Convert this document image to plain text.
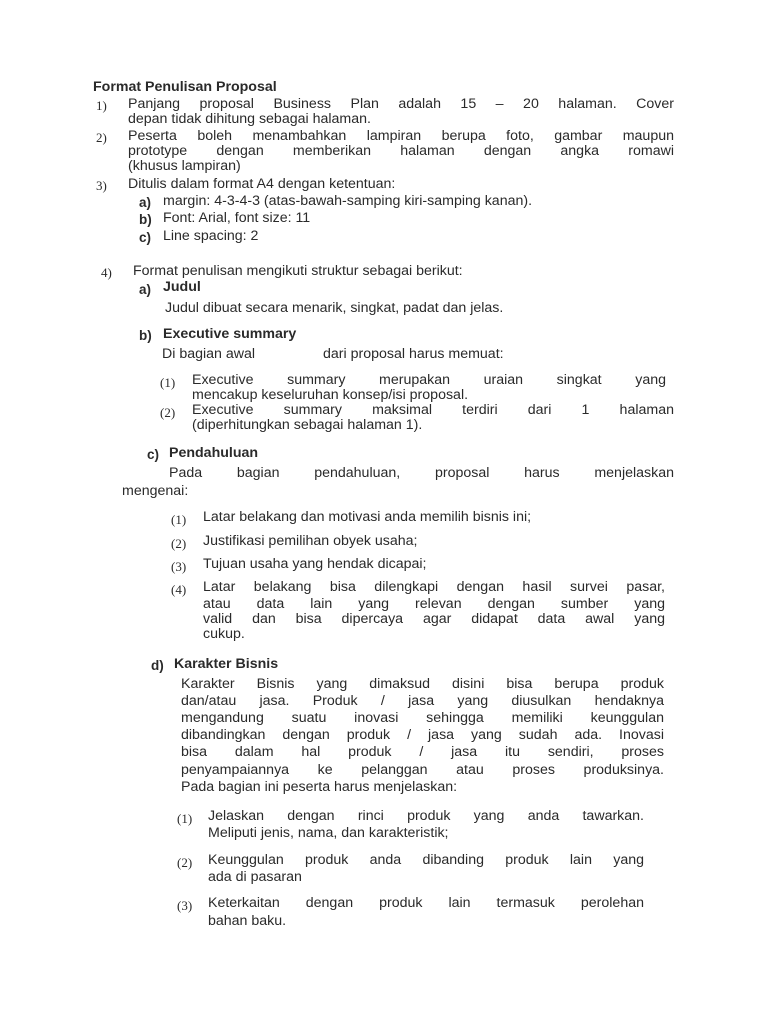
Format Penulisan Proposal
1) Panjang proposal Business Plan adalah 15 – 20 halaman. Cover
depan tidak dihitung sebagai halaman.
2) Peserta boleh menambahkan lampiran berupa foto, gambar maupun
prototype dengan memberikan halaman dengan angka romawi
(khusus lampiran)
3) Ditulis dalam format A4 dengan ketentuan:
a) margin: 4-3-4-3 (atas-bawah-samping kiri-samping kanan).
b) Font: Arial, font size: 11
c) Line spacing: 2
4) Format penulisan mengikuti struktur sebagai berikut:
a) Judul
Judul dibuat secara menarik, singkat, padat dan jelas.
b) Executive summary
Di bagian awal	dari proposal harus memuat:
(1) Executive summary merupakan uraian singkat yang
mencakup keseluruhan konsep/isi proposal.
(2) Executive summary maksimal terdiri dari 1 halaman
(diperhitungkan sebagai halaman 1).
c) Pendahuluan
Pada bagian pendahuluan, proposal harus menjelaskan
mengenai:
(1) Latar belakang dan motivasi anda memilih bisnis ini;
(2) Justifikasi pemilihan obyek usaha;
(3) Tujuan usaha yang hendak dicapai;
(4) Latar belakang bisa dilengkapi dengan hasil survei pasar,
atau data lain yang relevan dengan sumber yang
valid dan bisa dipercaya agar didapat data awal yang
cukup.
d) Karakter Bisnis
Karakter Bisnis yang dimaksud disini bisa berupa produk
dan/atau jasa. Produk / jasa yang diusulkan hendaknya
mengandung suatu inovasi sehingga memiliki keunggulan
dibandingkan dengan produk / jasa yang sudah ada. Inovasi
bisa dalam hal produk / jasa itu sendiri, proses
penyampaiannya ke pelanggan atau proses produksinya.
Pada bagian ini peserta harus menjelaskan:
(1) Jelaskan dengan rinci produk yang anda tawarkan.
Meliputi jenis, nama, dan karakteristik;
(2) Keunggulan produk anda dibanding produk lain yang
ada di pasaran
(3) Keterkaitan dengan produk lain termasuk perolehan
bahan baku.
